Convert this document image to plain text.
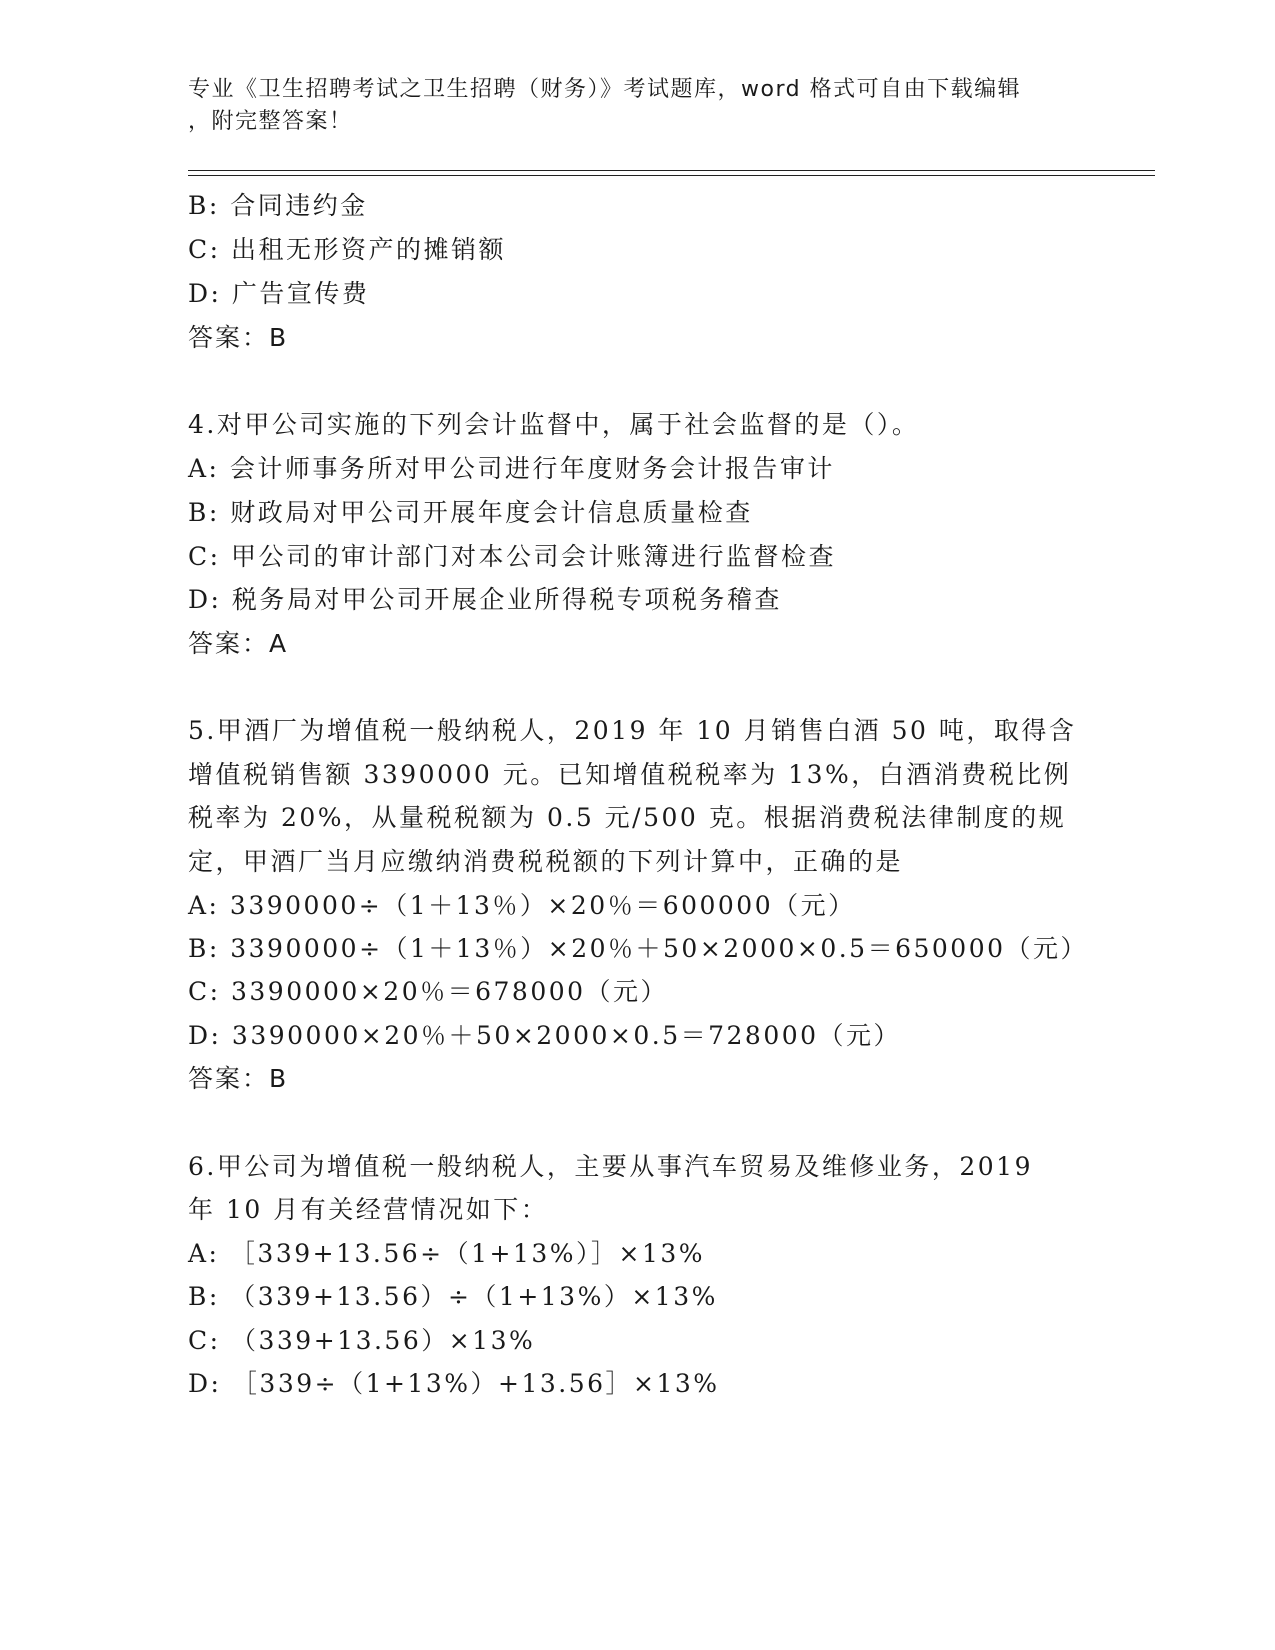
专业《卫生招聘考试之卫生招聘（财务）》考试题库，word 格式可自由下载编辑
，附完整答案！
B: 合同违约金
C: 出租无形资产的摊销额
D: 广告宣传费
答案：B
4.对甲公司实施的下列会计监督中，属于社会监督的是（）。
A: 会计师事务所对甲公司进行年度财务会计报告审计
B: 财政局对甲公司开展年度会计信息质量检查
C: 甲公司的审计部门对本公司会计账簿进行监督检查
D: 税务局对甲公司开展企业所得税专项税务稽查
答案：A
5.甲酒厂为增值税一般纳税人，2019 年 10 月销售白酒 50 吨，取得含
增值税销售额 3390000 元。已知增值税税率为 13%，白酒消费税比例
税率为 20%，从量税税额为 0.5 元/500 克。根据消费税法律制度的规
定，甲酒厂当月应缴纳消费税税额的下列计算中，正确的是
A: 3390000÷（1＋13％）×20％＝600000（元）
B: 3390000÷（1＋13％）×20％＋50×2000×0.5＝650000（元）
C: 3390000×20％＝678000（元）
D: 3390000×20％＋50×2000×0.5＝728000（元）
答案：B
6.甲公司为增值税一般纳税人，主要从事汽车贸易及维修业务，2019
年 10 月有关经营情况如下：
A: ［339+13.56÷（1+13%）］×13%
B: （339+13.56）÷（1+13%）×13%
C: （339+13.56）×13%
D: ［339÷（1+13%）+13.56］×13%
